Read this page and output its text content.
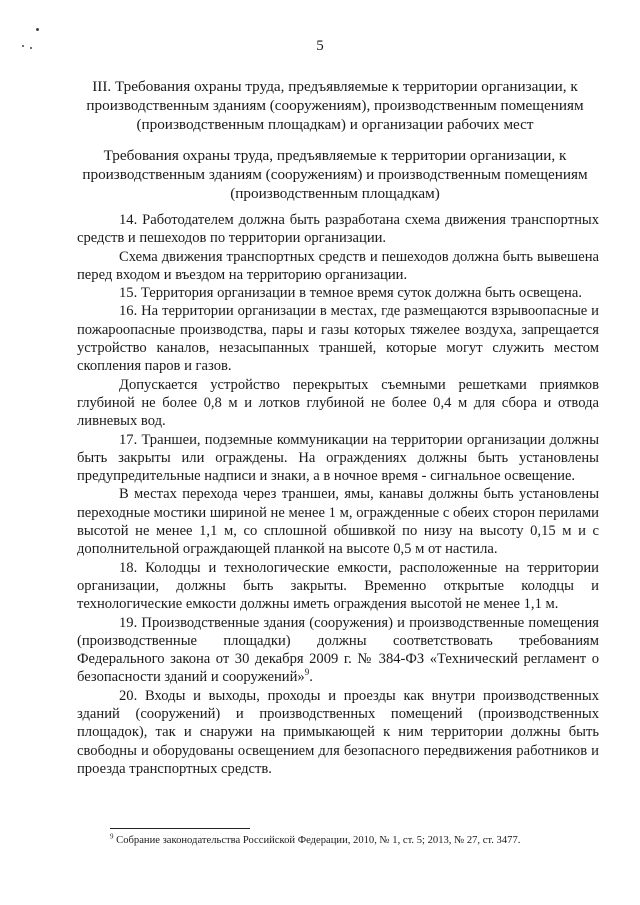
5
III. Требования охраны труда, предъявляемые к территории организации, к производственным зданиям (сооружениям), производственным помещениям (производственным площадкам) и организации рабочих мест
Требования охраны труда, предъявляемые к территории организации, к производственным зданиям (сооружениям) и производственным помещениям (производственным площадкам)

14. Работодателем должна быть разработана схема движения транспортных средств и пешеходов по территории организации.

Схема движения транспортных средств и пешеходов должна быть вывешена перед входом и въездом на территорию организации.

15. Территория организации в темное время суток должна быть освещена.

16. На территории организации в местах, где размещаются взрывоопасные и пожароопасные производства, пары и газы которых тяжелее воздуха, запрещается устройство каналов, незасыпанных траншей, которые могут служить местом скопления паров и газов.

Допускается устройство перекрытых съемными решетками приямков глубиной не более 0,8 м и лотков глубиной не более 0,4 м для сбора и отвода ливневых вод.

17. Траншеи, подземные коммуникации на территории организации должны быть закрыты или ограждены. На ограждениях должны быть установлены предупредительные надписи и знаки, а в ночное время - сигнальное освещение.

В местах перехода через траншеи, ямы, канавы должны быть установлены переходные мостики шириной не менее 1 м, огражденные с обеих сторон перилами высотой не менее 1,1 м, со сплошной обшивкой по низу на высоту 0,15 м и с дополнительной ограждающей планкой на высоте 0,5 м от настила.

18. Колодцы и технологические емкости, расположенные на территории организации, должны быть закрыты. Временно открытые колодцы и технологические емкости должны иметь ограждения высотой не менее 1,1 м.

19. Производственные здания (сооружения) и производственные помещения (производственные площадки) должны соответствовать требованиям Федерального закона от 30 декабря 2009 г. № 384-ФЗ «Технический регламент о безопасности зданий и сооружений»$^9$.

20. Входы и выходы, проходы и проезды как внутри производственных зданий (сооружений) и производственных помещений (производственных площадок), так и снаружи на примыкающей к ним территории должны быть свободны и оборудованы освещением для безопасного передвижения работников и проезда транспортных средств.

$^9$ Собрание законодательства Российской Федерации, 2010, № 1, ст. 5; 2013, № 27, ст. 3477.
